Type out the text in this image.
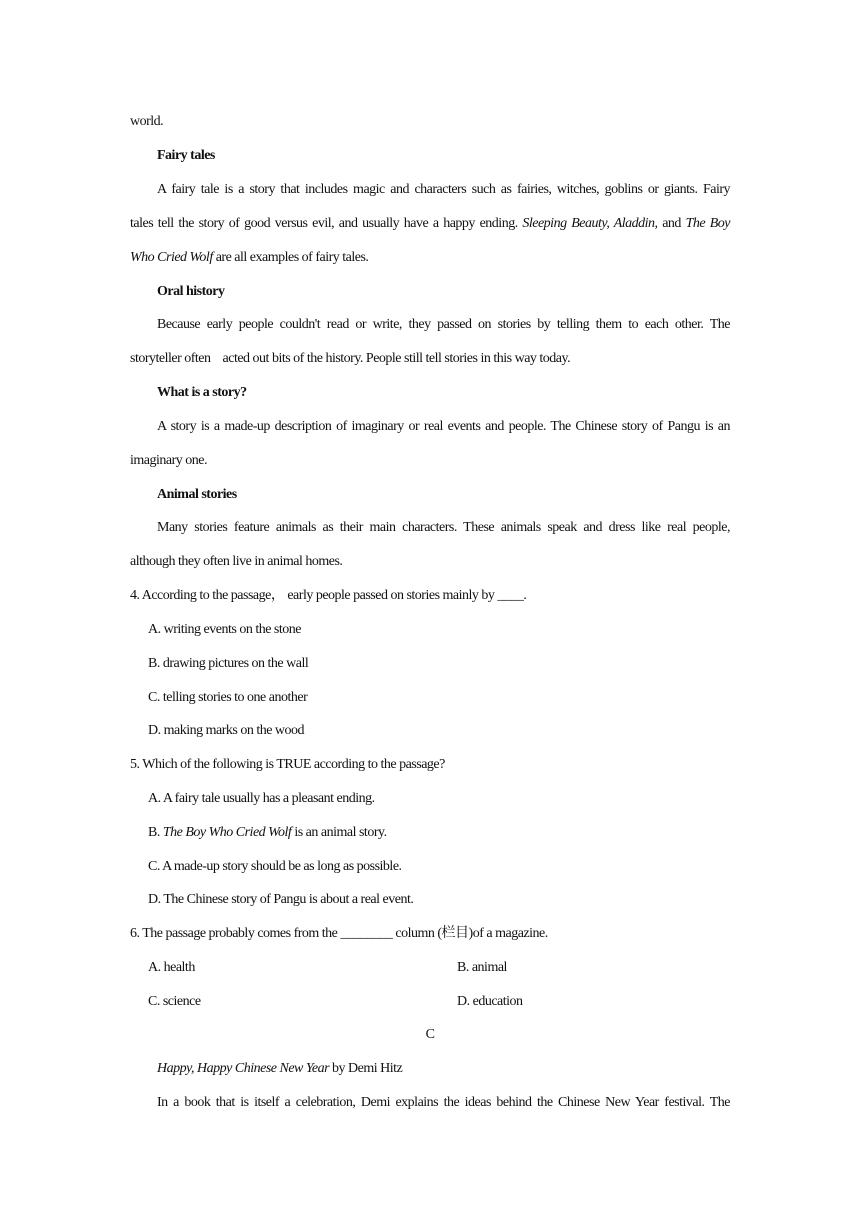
world.
Fairy tales
A fairy tale is a story that includes magic and characters such as fairies, witches, goblins or giants. Fairy
tales tell the story of good versus evil, and usually have a happy ending. Sleeping Beauty, Aladdin, and The Boy
Who Cried Wolf are all examples of fairy tales.
Oral history
Because early people couldn't read or write, they passed on stories by telling them to each other. The
storyteller often    acted out bits of the history. People still tell stories in this way today.
What is a story?
A story is a made-up description of imaginary or real events and people. The Chinese story of Pangu is an
imaginary one.
Animal stories
Many stories feature animals as their main characters. These animals speak and dress like real people,
although they often live in animal homes.
4. According to the passage， early people passed on stories mainly by ____.
A. writing events on the stone
B. drawing pictures on the wall
C. telling stories to one another
D. making marks on the wood
5. Which of the following is TRUE according to the passage?
A. A fairy tale usually has a pleasant ending.
B. The Boy Who Cried Wolf is an animal story.
C. A made-up story should be as long as possible.
D. The Chinese story of Pangu is about a real event.
6. The passage probably comes from the ________ column (栏目)of a magazine.
A. health	B. animal
C. science	D. education
C
Happy, Happy Chinese New Year by Demi Hitz
In a book that is itself a celebration, Demi explains the ideas behind the Chinese New Year festival. The
